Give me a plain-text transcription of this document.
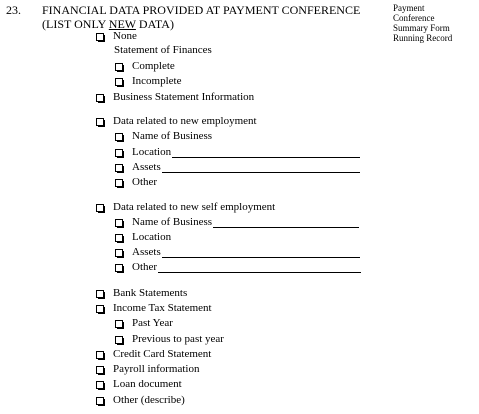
23. FINANCIAL DATA PROVIDED AT PAYMENT CONFERENCE
(LIST ONLY NEW DATA)
Payment
Conference
Summary Form
Running Record
None
Statement of Finances
Complete
Incomplete
Business Statement Information
Data related to new employment
Name of Business
Location
Assets
Other
Data related to new self employment
Name of Business
Location
Assets
Other
Bank Statements
Income Tax Statement
Past Year
Previous to past year
Credit Card Statement
Payroll information
Loan document
Other (describe)
